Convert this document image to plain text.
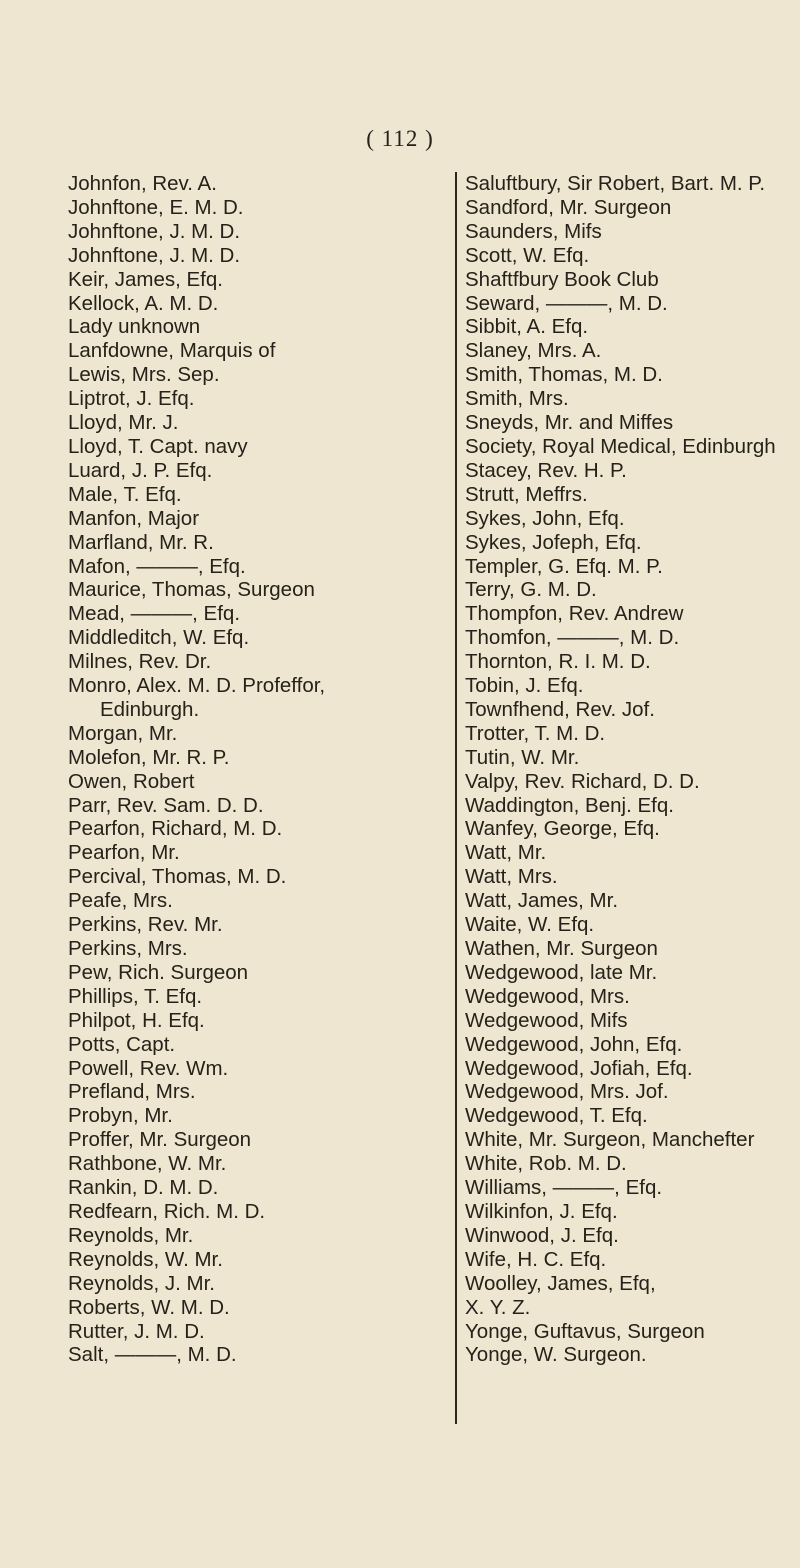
( 112 )
Johnfon, Rev. A.
Johnftone, E. M. D.
Johnftone, J. M. D.
Johnftone, J. M. D.
Keir, James, Efq.
Kellock, A. M. D.
Lady unknown
Lanfdowne, Marquis of
Lewis, Mrs. Sep.
Liptrot, J. Efq.
Lloyd, Mr. J.
Lloyd, T. Capt. navy
Luard, J. P. Efq.
Male, T. Efq.
Manfon, Major
Marfland, Mr. R.
Mafon, ———, Efq.
Maurice, Thomas, Surgeon
Mead, ———, Efq.
Middleditch, W. Efq.
Milnes, Rev. Dr.
Monro, Alex. M. D. Profeffor,
Edinburgh.
Morgan, Mr.
Molefon, Mr. R. P.
Owen, Robert
Parr, Rev. Sam. D. D.
Pearfon, Richard, M. D.
Pearfon, Mr.
Percival, Thomas, M. D.
Peafe, Mrs.
Perkins, Rev. Mr.
Perkins, Mrs.
Pew, Rich. Surgeon
Phillips, T. Efq.
Philpot, H. Efq.
Potts, Capt.
Powell, Rev. Wm.
Prefland, Mrs.
Probyn, Mr.
Proffer, Mr. Surgeon
Rathbone, W. Mr.
Rankin, D. M. D.
Redfearn, Rich. M. D.
Reynolds, Mr.
Reynolds, W. Mr.
Reynolds, J. Mr.
Roberts, W. M. D.
Rutter, J. M. D.
Salt, ———, M. D.
Saluftbury, Sir Robert, Bart. M. P.
Sandford, Mr. Surgeon
Saunders, Mifs
Scott, W. Efq.
Shaftfbury Book Club
Seward, ———, M. D.
Sibbit, A. Efq.
Slaney, Mrs. A.
Smith, Thomas, M. D.
Smith, Mrs.
Sneyds, Mr. and Miffes
Society, Royal Medical, Edinburgh
Stacey, Rev. H. P.
Strutt, Meffrs.
Sykes, John, Efq.
Sykes, Jofeph, Efq.
Templer, G. Efq. M. P.
Terry, G. M. D.
Thompfon, Rev. Andrew
Thomfon, ———, M. D.
Thornton, R. I. M. D.
Tobin, J. Efq.
Townfhend, Rev. Jof.
Trotter, T. M. D.
Tutin, W. Mr.
Valpy, Rev. Richard, D. D.
Waddington, Benj. Efq.
Wanfey, George, Efq.
Watt, Mr.
Watt, Mrs.
Watt, James, Mr.
Waite, W. Efq.
Wathen, Mr. Surgeon
Wedgewood, late Mr.
Wedgewood, Mrs.
Wedgewood, Mifs
Wedgewood, John, Efq.
Wedgewood, Jofiah, Efq.
Wedgewood, Mrs. Jof.
Wedgewood, T. Efq.
White, Mr. Surgeon, Manchefter
White, Rob. M. D.
Williams, ———, Efq.
Wilkinfon, J. Efq.
Winwood, J. Efq.
Wife, H. C. Efq.
Woolley, James, Efq,
X. Y. Z.
Yonge, Guftavus, Surgeon
Yonge, W. Surgeon.
